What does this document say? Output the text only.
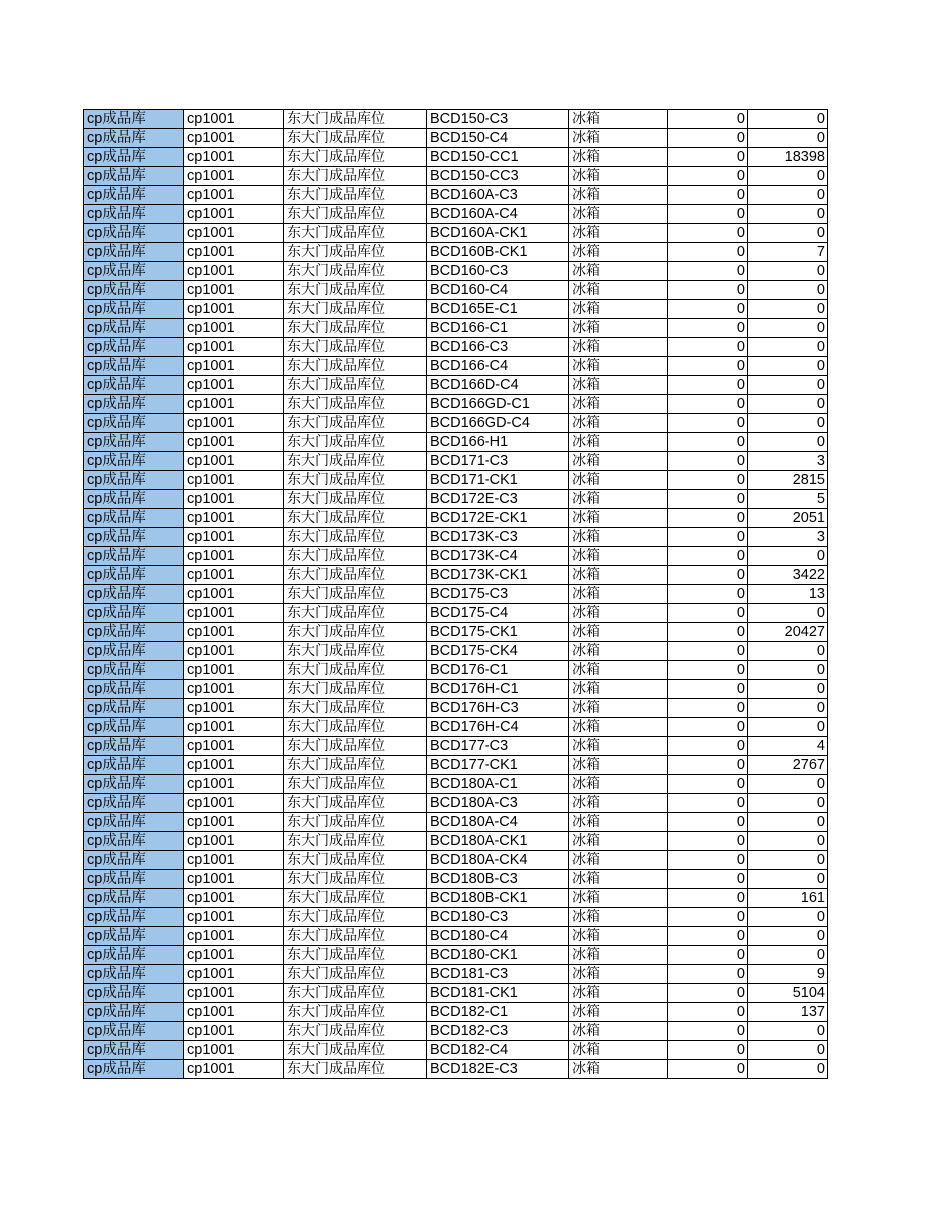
cp成品库	cp1001	东大门成品库位	BCD150-C3	冰箱	0	0
cp成品库	cp1001	东大门成品库位	BCD150-C4	冰箱	0	0
cp成品库	cp1001	东大门成品库位	BCD150-CC1	冰箱	0	18398
cp成品库	cp1001	东大门成品库位	BCD150-CC3	冰箱	0	0
cp成品库	cp1001	东大门成品库位	BCD160A-C3	冰箱	0	0
cp成品库	cp1001	东大门成品库位	BCD160A-C4	冰箱	0	0
cp成品库	cp1001	东大门成品库位	BCD160A-CK1	冰箱	0	0
cp成品库	cp1001	东大门成品库位	BCD160B-CK1	冰箱	0	7
cp成品库	cp1001	东大门成品库位	BCD160-C3	冰箱	0	0
cp成品库	cp1001	东大门成品库位	BCD160-C4	冰箱	0	0
cp成品库	cp1001	东大门成品库位	BCD165E-C1	冰箱	0	0
cp成品库	cp1001	东大门成品库位	BCD166-C1	冰箱	0	0
cp成品库	cp1001	东大门成品库位	BCD166-C3	冰箱	0	0
cp成品库	cp1001	东大门成品库位	BCD166-C4	冰箱	0	0
cp成品库	cp1001	东大门成品库位	BCD166D-C4	冰箱	0	0
cp成品库	cp1001	东大门成品库位	BCD166GD-C1	冰箱	0	0
cp成品库	cp1001	东大门成品库位	BCD166GD-C4	冰箱	0	0
cp成品库	cp1001	东大门成品库位	BCD166-H1	冰箱	0	0
cp成品库	cp1001	东大门成品库位	BCD171-C3	冰箱	0	3
cp成品库	cp1001	东大门成品库位	BCD171-CK1	冰箱	0	2815
cp成品库	cp1001	东大门成品库位	BCD172E-C3	冰箱	0	5
cp成品库	cp1001	东大门成品库位	BCD172E-CK1	冰箱	0	2051
cp成品库	cp1001	东大门成品库位	BCD173K-C3	冰箱	0	3
cp成品库	cp1001	东大门成品库位	BCD173K-C4	冰箱	0	0
cp成品库	cp1001	东大门成品库位	BCD173K-CK1	冰箱	0	3422
cp成品库	cp1001	东大门成品库位	BCD175-C3	冰箱	0	13
cp成品库	cp1001	东大门成品库位	BCD175-C4	冰箱	0	0
cp成品库	cp1001	东大门成品库位	BCD175-CK1	冰箱	0	20427
cp成品库	cp1001	东大门成品库位	BCD175-CK4	冰箱	0	0
cp成品库	cp1001	东大门成品库位	BCD176-C1	冰箱	0	0
cp成品库	cp1001	东大门成品库位	BCD176H-C1	冰箱	0	0
cp成品库	cp1001	东大门成品库位	BCD176H-C3	冰箱	0	0
cp成品库	cp1001	东大门成品库位	BCD176H-C4	冰箱	0	0
cp成品库	cp1001	东大门成品库位	BCD177-C3	冰箱	0	4
cp成品库	cp1001	东大门成品库位	BCD177-CK1	冰箱	0	2767
cp成品库	cp1001	东大门成品库位	BCD180A-C1	冰箱	0	0
cp成品库	cp1001	东大门成品库位	BCD180A-C3	冰箱	0	0
cp成品库	cp1001	东大门成品库位	BCD180A-C4	冰箱	0	0
cp成品库	cp1001	东大门成品库位	BCD180A-CK1	冰箱	0	0
cp成品库	cp1001	东大门成品库位	BCD180A-CK4	冰箱	0	0
cp成品库	cp1001	东大门成品库位	BCD180B-C3	冰箱	0	0
cp成品库	cp1001	东大门成品库位	BCD180B-CK1	冰箱	0	161
cp成品库	cp1001	东大门成品库位	BCD180-C3	冰箱	0	0
cp成品库	cp1001	东大门成品库位	BCD180-C4	冰箱	0	0
cp成品库	cp1001	东大门成品库位	BCD180-CK1	冰箱	0	0
cp成品库	cp1001	东大门成品库位	BCD181-C3	冰箱	0	9
cp成品库	cp1001	东大门成品库位	BCD181-CK1	冰箱	0	5104
cp成品库	cp1001	东大门成品库位	BCD182-C1	冰箱	0	137
cp成品库	cp1001	东大门成品库位	BCD182-C3	冰箱	0	0
cp成品库	cp1001	东大门成品库位	BCD182-C4	冰箱	0	0
cp成品库	cp1001	东大门成品库位	BCD182E-C3	冰箱	0	0
